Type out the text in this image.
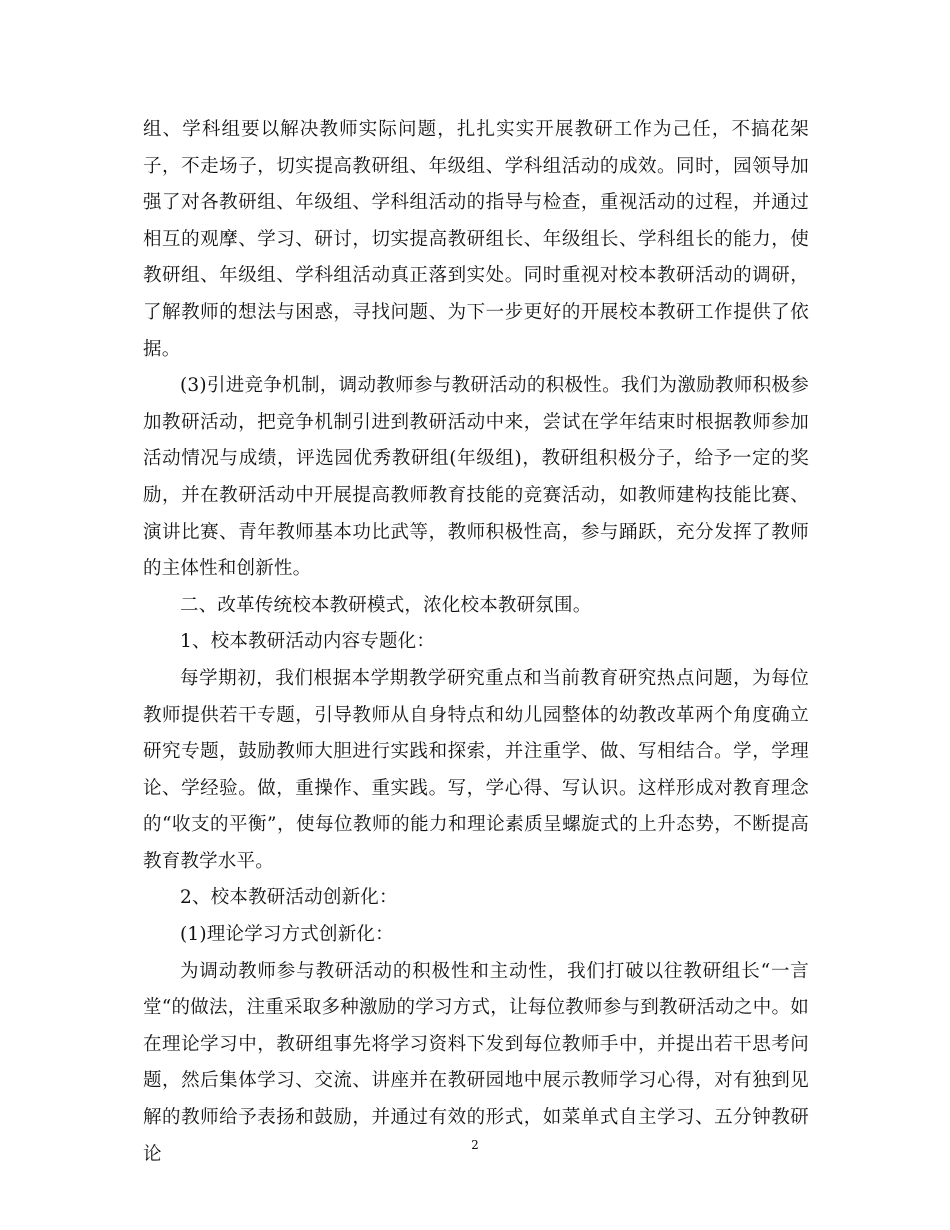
组、学科组要以解决教师实际问题，扎扎实实开展教研工作为己任，不搞花架子，不走场子，切实提高教研组、年级组、学科组活动的成效。同时，园领导加强了对各教研组、年级组、学科组活动的指导与检查，重视活动的过程，并通过相互的观摩、学习、研讨，切实提高教研组长、年级组长、学科组长的能力，使教研组、年级组、学科组活动真正落到实处。同时重视对校本教研活动的调研，了解教师的想法与困惑，寻找问题、为下一步更好的开展校本教研工作提供了依据。

(3)引进竞争机制，调动教师参与教研活动的积极性。我们为激励教师积极参加教研活动，把竞争机制引进到教研活动中来，尝试在学年结束时根据教师参加活动情况与成绩，评选园优秀教研组(年级组)，教研组积极分子，给予一定的奖励，并在教研活动中开展提高教师教育技能的竞赛活动，如教师建构技能比赛、演讲比赛、青年教师基本功比武等，教师积极性高，参与踊跃，充分发挥了教师的主体性和创新性。

二、改革传统校本教研模式，浓化校本教研氛围。

1、校本教研活动内容专题化：

每学期初，我们根据本学期教学研究重点和当前教育研究热点问题，为每位教师提供若干专题，引导教师从自身特点和幼儿园整体的幼教改革两个角度确立研究专题，鼓励教师大胆进行实践和探索，并注重学、做、写相结合。学，学理论、学经验。做，重操作、重实践。写，学心得、写认识。这样形成对教育理念的“收支的平衡”，使每位教师的能力和理论素质呈螺旋式的上升态势，不断提高教育教学水平。

2、校本教研活动创新化：

(1)理论学习方式创新化：

为调动教师参与教研活动的积极性和主动性，我们打破以往教研组长“一言堂“的做法，注重采取多种激励的学习方式，让每位教师参与到教研活动之中。如在理论学习中，教研组事先将学习资料下发到每位教师手中，并提出若干思考问题，然后集体学习、交流、讲座并在教研园地中展示教师学习心得，对有独到见解的教师给予表扬和鼓励，并通过有效的形式，如菜单式自主学习、五分钟教研论	2
